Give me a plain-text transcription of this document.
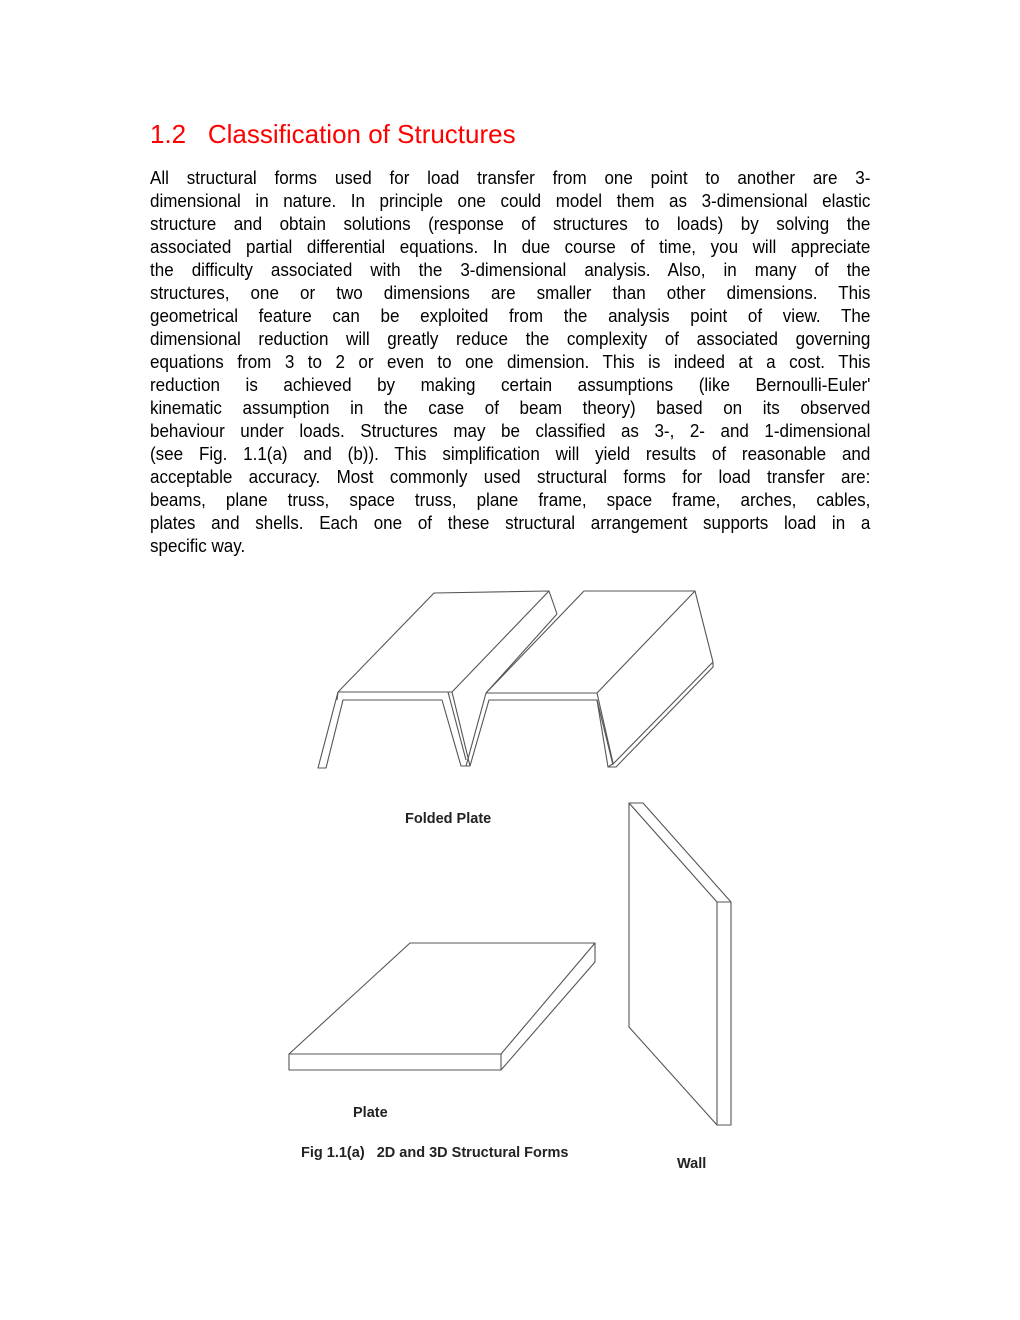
1.2 Classification of Structures
All structural forms used for load transfer from one point to another are 3-
dimensional in nature. In principle one could model them as 3-dimensional elastic
structure and obtain solutions (response of structures to loads) by solving the
associated partial differential equations. In due course of time, you will appreciate
the difficulty associated with the 3-dimensional analysis. Also, in many of the
structures, one or two dimensions are smaller than other dimensions. This
geometrical feature can be exploited from the analysis point of view. The
dimensional reduction will greatly reduce the complexity of associated governing
equations from 3 to 2 or even to one dimension. This is indeed at a cost. This
reduction is achieved by making certain assumptions (like Bernoulli-Euler'
kinematic assumption in the case of beam theory) based on its observed
behaviour under loads. Structures may be classified as 3-, 2- and 1-dimensional
(see Fig. 1.1(a) and (b)). This simplification will yield results of reasonable and
acceptable accuracy. Most commonly used structural forms for load transfer are:
beams, plane truss, space truss, plane frame, space frame, arches, cables,
plates and shells. Each one of these structural arrangement supports load in a
specific way.
Folded Plate
Plate
Wall
Fig 1.1(a)   2D and 3D Structural Forms
